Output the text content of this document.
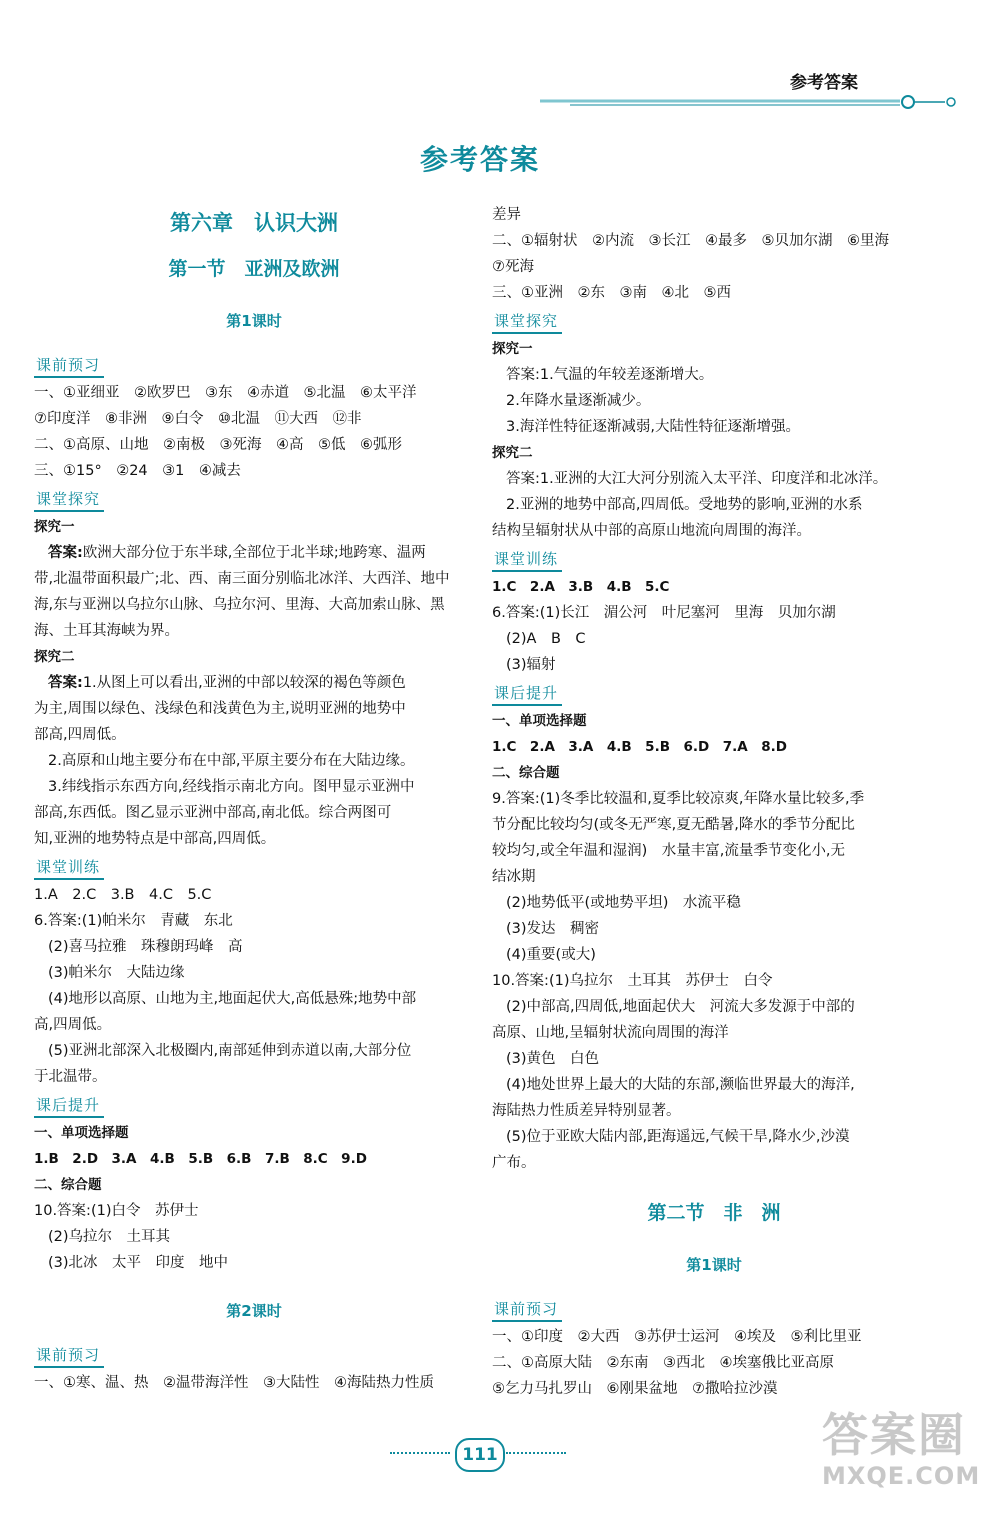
参考答案
参考答案
第六章　认识大洲
第一节　亚洲及欧洲
第1课时
课前预习
一、①亚细亚　②欧罗巴　③东　④赤道　⑤北温　⑥太平洋
⑦印度洋　⑧非洲　⑨白令　⑩北温　⑪大西　⑫非
二、①高原、山地　②南极　③死海　④高　⑤低　⑥弧形
三、①15°　②24　③1　④减去
课堂探究
探究一
答案:欧洲大部分位于东半球,全部位于北半球;地跨寒、温两
带,北温带面积最广;北、西、南三面分别临北冰洋、大西洋、地中
海,东与亚洲以乌拉尔山脉、乌拉尔河、里海、大高加索山脉、黑
海、土耳其海峡为界。
探究二
答案:1.从图上可以看出,亚洲的中部以较深的褐色等颜色
为主,周围以绿色、浅绿色和浅黄色为主,说明亚洲的地势中
部高,四周低。
2.高原和山地主要分布在中部,平原主要分布在大陆边缘。
3.纬线指示东西方向,经线指示南北方向。图甲显示亚洲中
部高,东西低。图乙显示亚洲中部高,南北低。综合两图可
知,亚洲的地势特点是中部高,四周低。
课堂训练
1.A　2.C　3.B　4.C　5.C
6.答案:(1)帕米尔　青藏　东北
(2)喜马拉雅　珠穆朗玛峰　高
(3)帕米尔　大陆边缘
(4)地形以高原、山地为主,地面起伏大,高低悬殊;地势中部
高,四周低。
(5)亚洲北部深入北极圈内,南部延伸到赤道以南,大部分位
于北温带。
课后提升
一、单项选择题
1.B　2.D　3.A　4.B　5.B　6.B　7.B　8.C　9.D
二、综合题
10.答案:(1)白令　苏伊士
(2)乌拉尔　土耳其
(3)北冰　太平　印度　地中
第2课时
课前预习
一、①寒、温、热　②温带海洋性　③大陆性　④海陆热力性质
差异
二、①辐射状　②内流　③长江　④最多　⑤贝加尔湖　⑥里海
⑦死海
三、①亚洲　②东　③南　④北　⑤西
课堂探究
探究一
答案:1.气温的年较差逐渐增大。
2.年降水量逐渐减少。
3.海洋性特征逐渐减弱,大陆性特征逐渐增强。
探究二
答案:1.亚洲的大江大河分别流入太平洋、印度洋和北冰洋。
2.亚洲的地势中部高,四周低。受地势的影响,亚洲的水系
结构呈辐射状从中部的高原山地流向周围的海洋。
课堂训练
1.C　2.A　3.B　4.B　5.C
6.答案:(1)长江　湄公河　叶尼塞河　里海　贝加尔湖
(2)A　B　C
(3)辐射
课后提升
一、单项选择题
1.C　2.A　3.A　4.B　5.B　6.D　7.A　8.D
二、综合题
9.答案:(1)冬季比较温和,夏季比较凉爽,年降水量比较多,季
节分配比较均匀(或冬无严寒,夏无酷暑,降水的季节分配比
较均匀,或全年温和湿润)　水量丰富,流量季节变化小,无
结冰期
(2)地势低平(或地势平坦)　水流平稳
(3)发达　稠密
(4)重要(或大)
10.答案:(1)乌拉尔　土耳其　苏伊士　白令
(2)中部高,四周低,地面起伏大　河流大多发源于中部的
高原、山地,呈辐射状流向周围的海洋
(3)黄色　白色
(4)地处世界上最大的大陆的东部,濒临世界最大的海洋,
海陆热力性质差异特别显著。
(5)位于亚欧大陆内部,距海遥远,气候干旱,降水少,沙漠
广布。
第二节　非　洲
第1课时
课前预习
一、①印度　②大西　③苏伊士运河　④埃及　⑤利比里亚
二、①高原大陆　②东南　③西北　④埃塞俄比亚高原
⑤乞力马扎罗山　⑥刚果盆地　⑦撒哈拉沙漠
111	答案圈
MXQE.COM
